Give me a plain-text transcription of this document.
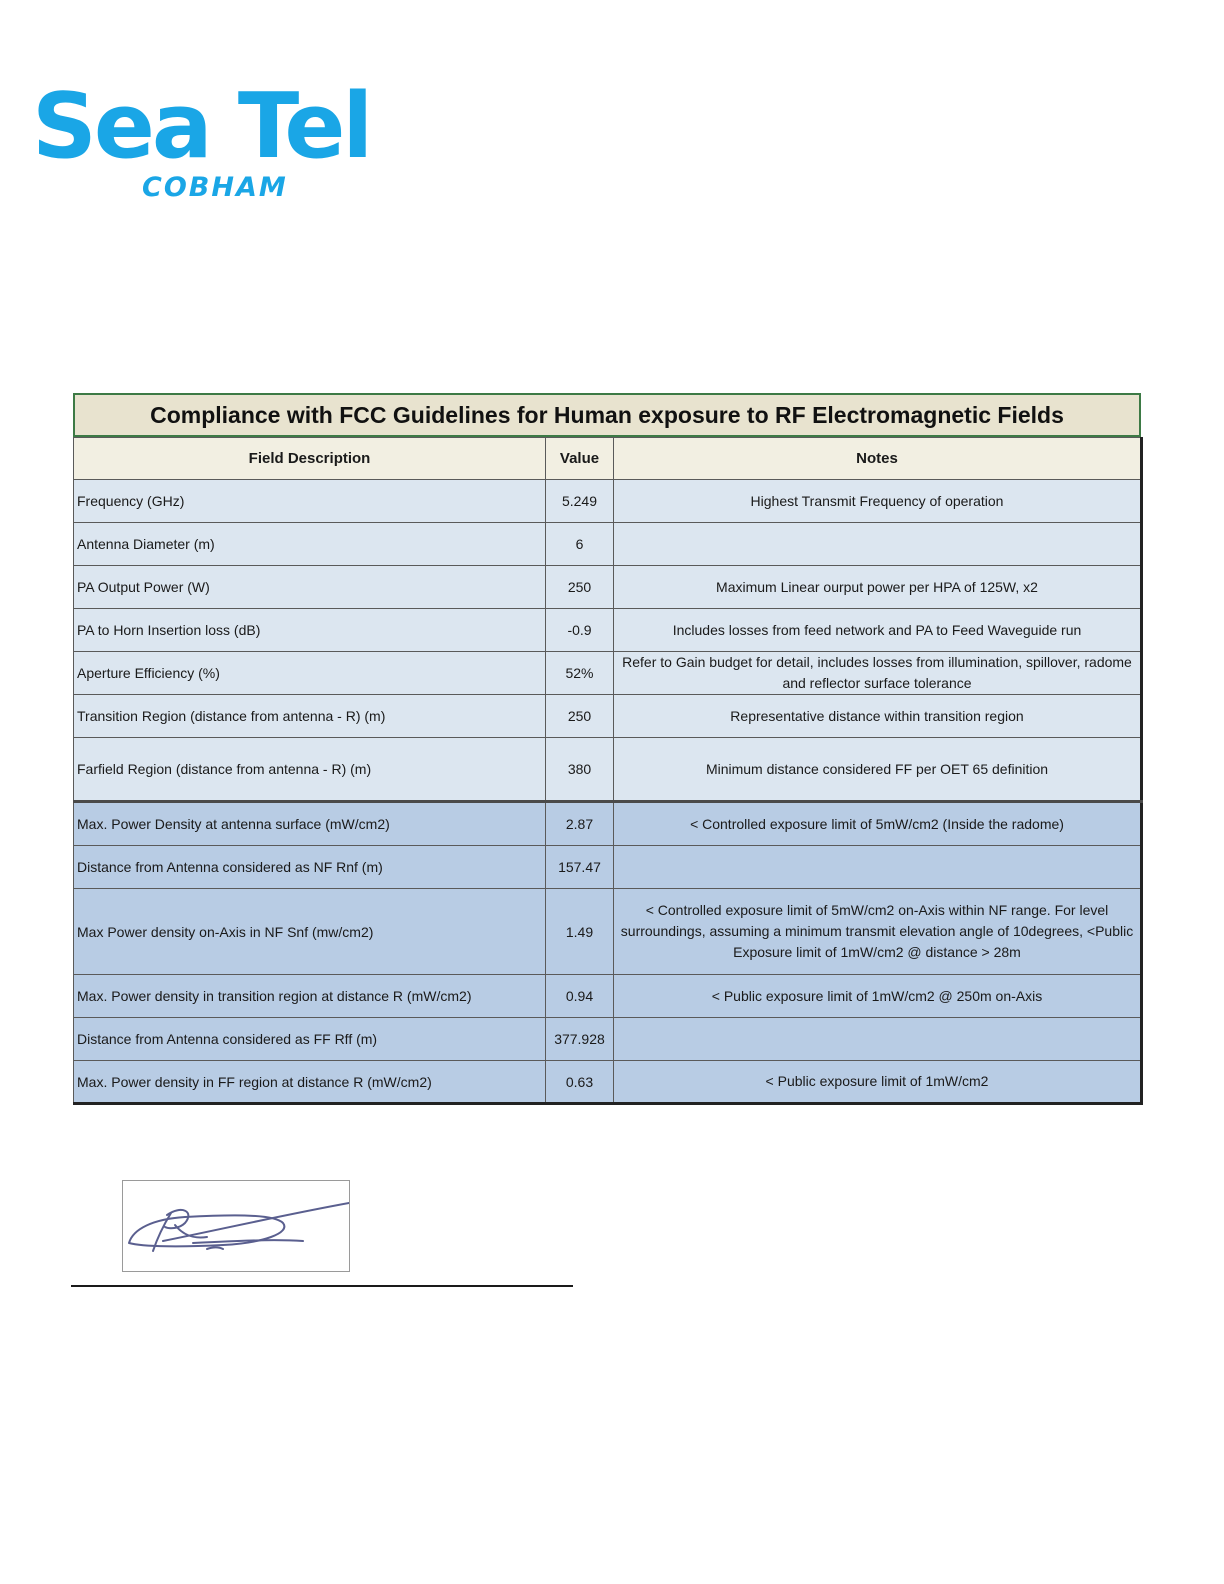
Sea Tel
COBHAM
Compliance with FCC Guidelines for Human exposure to RF Electromagnetic Fields
Field Description	Value	Notes
Frequency (GHz)	5.249	Highest Transmit Frequency of operation
Antenna Diameter (m)	6	
PA Output Power (W)	250	Maximum Linear ourput power per HPA of 125W, x2
PA to Horn Insertion loss (dB)	-0.9	Includes losses from feed network and PA to Feed Waveguide run
Aperture Efficiency (%)	52%	Refer to Gain budget for detail, includes losses from illumination, spillover, radome and reflector surface tolerance
Transition Region (distance from antenna - R) (m)	250	Representative distance within transition region
Farfield Region (distance from antenna - R) (m)	380	Minimum distance considered FF per OET 65 definition
Max. Power Density at antenna surface (mW/cm2)	2.87	< Controlled exposure limit of 5mW/cm2 (Inside the radome)
Distance from Antenna considered as NF Rnf (m)	157.47	
Max Power density on-Axis in NF Snf (mw/cm2)	1.49	< Controlled exposure limit of 5mW/cm2 on-Axis within NF range. For level surroundings, assuming a minimum transmit elevation angle of 10degrees, <Public Exposure limit of 1mW/cm2 @ distance > 28m
Max. Power density in transition region at distance R (mW/cm2)	0.94	< Public exposure limit of 1mW/cm2 @ 250m on-Axis
Distance from Antenna considered as FF Rff (m)	377.928	
Max. Power density in FF region at distance R (mW/cm2)	0.63	< Public exposure limit of 1mW/cm2
